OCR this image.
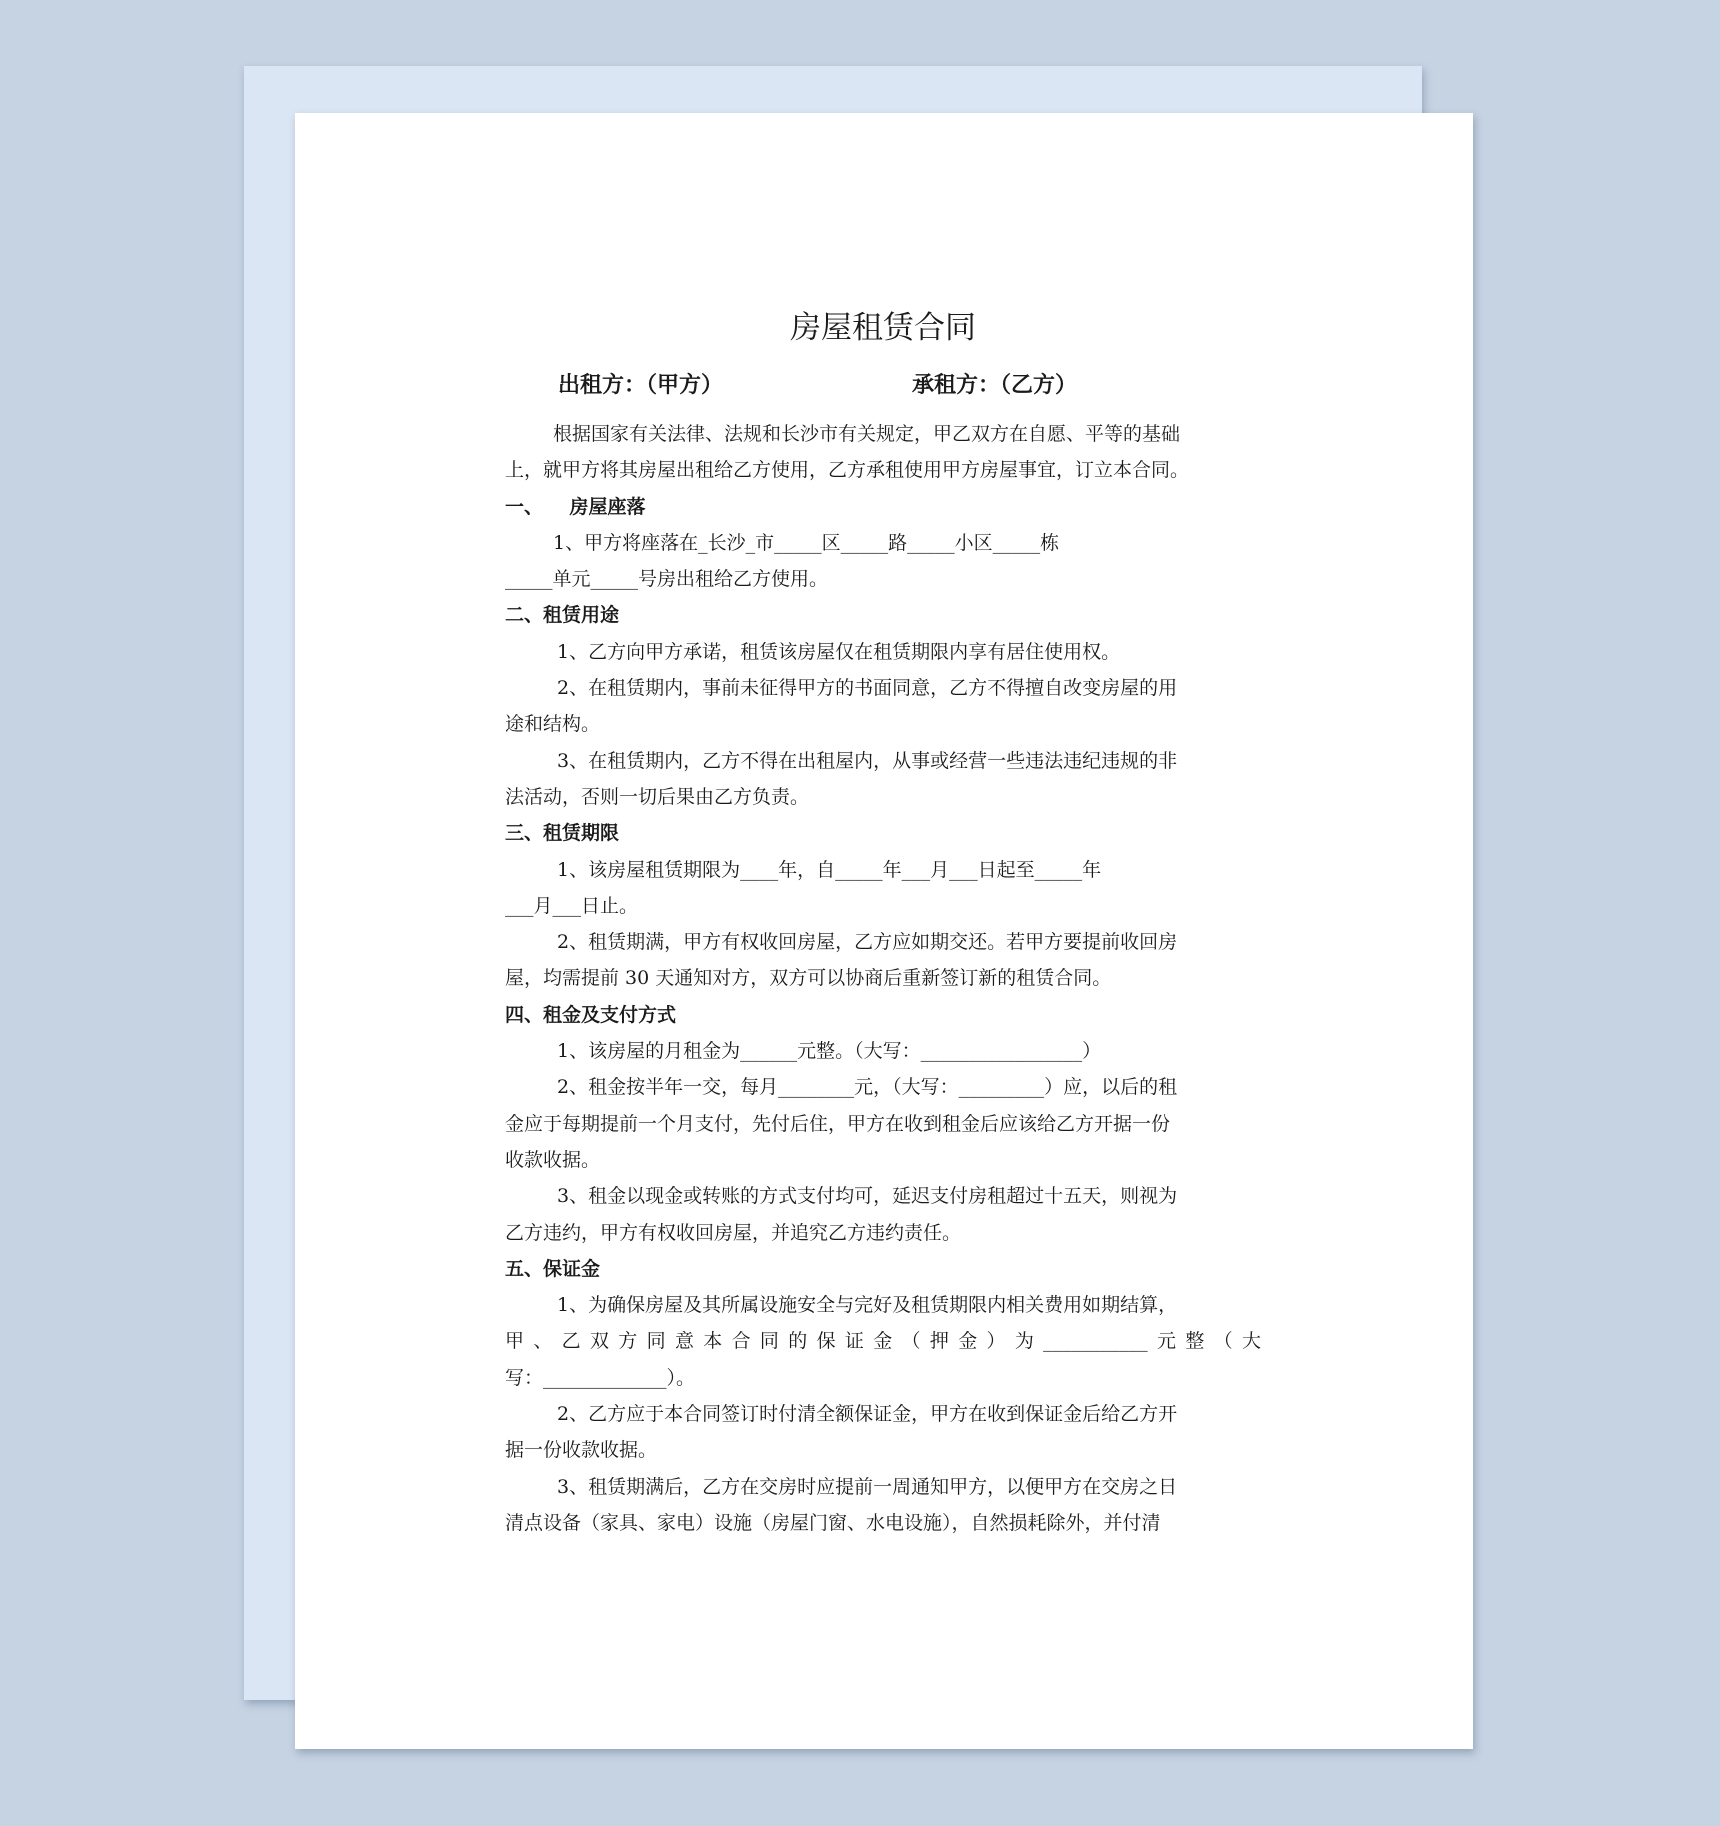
房屋租赁合同
出租方：（甲方）	承租方：（乙方）
根据国家有关法律、法规和长沙市有关规定，甲乙双方在自愿、平等的基础
上，就甲方将其房屋出租给乙方使用，乙方承租使用甲方房屋事宜，订立本合同。
一、    房屋座落
1、甲方将座落在_长沙_市_____区_____路_____小区_____栋
_____单元_____号房出租给乙方使用。
二、租赁用途
1、乙方向甲方承诺，租赁该房屋仅在租赁期限内享有居住使用权。
2、在租赁期内，事前未征得甲方的书面同意，乙方不得擅自改变房屋的用
途和结构。
3、在租赁期内，乙方不得在出租屋内，从事或经营一些违法违纪违规的非
法活动，否则一切后果由乙方负责。
三、租赁期限
1、该房屋租赁期限为____年，自_____年___月___日起至_____年
___月___日止。
2、租赁期满，甲方有权收回房屋，乙方应如期交还。若甲方要提前收回房
屋，均需提前 30 天通知对方，双方可以协商后重新签订新的租赁合同。
四、租金及支付方式
1、该房屋的月租金为______元整。（大写：_________________）
2、租金按半年一交，每月________元，（大写：_________）应，以后的租
金应于每期提前一个月支付，先付后住，甲方在收到租金后应该给乙方开据一份
收款收据。
3、租金以现金或转账的方式支付均可，延迟支付房租超过十五天，则视为
乙方违约，甲方有权收回房屋，并追究乙方违约责任。
五、保证金
1、为确保房屋及其所属设施安全与完好及租赁期限内相关费用如期结算，
甲、乙双方同意本合同的保证金（押金）为___________元整（大
写：_____________）。
2、乙方应于本合同签订时付清全额保证金，甲方在收到保证金后给乙方开
据一份收款收据。
3、租赁期满后，乙方在交房时应提前一周通知甲方，以便甲方在交房之日
清点设备（家具、家电）设施（房屋门窗、水电设施），自然损耗除外，并付清
